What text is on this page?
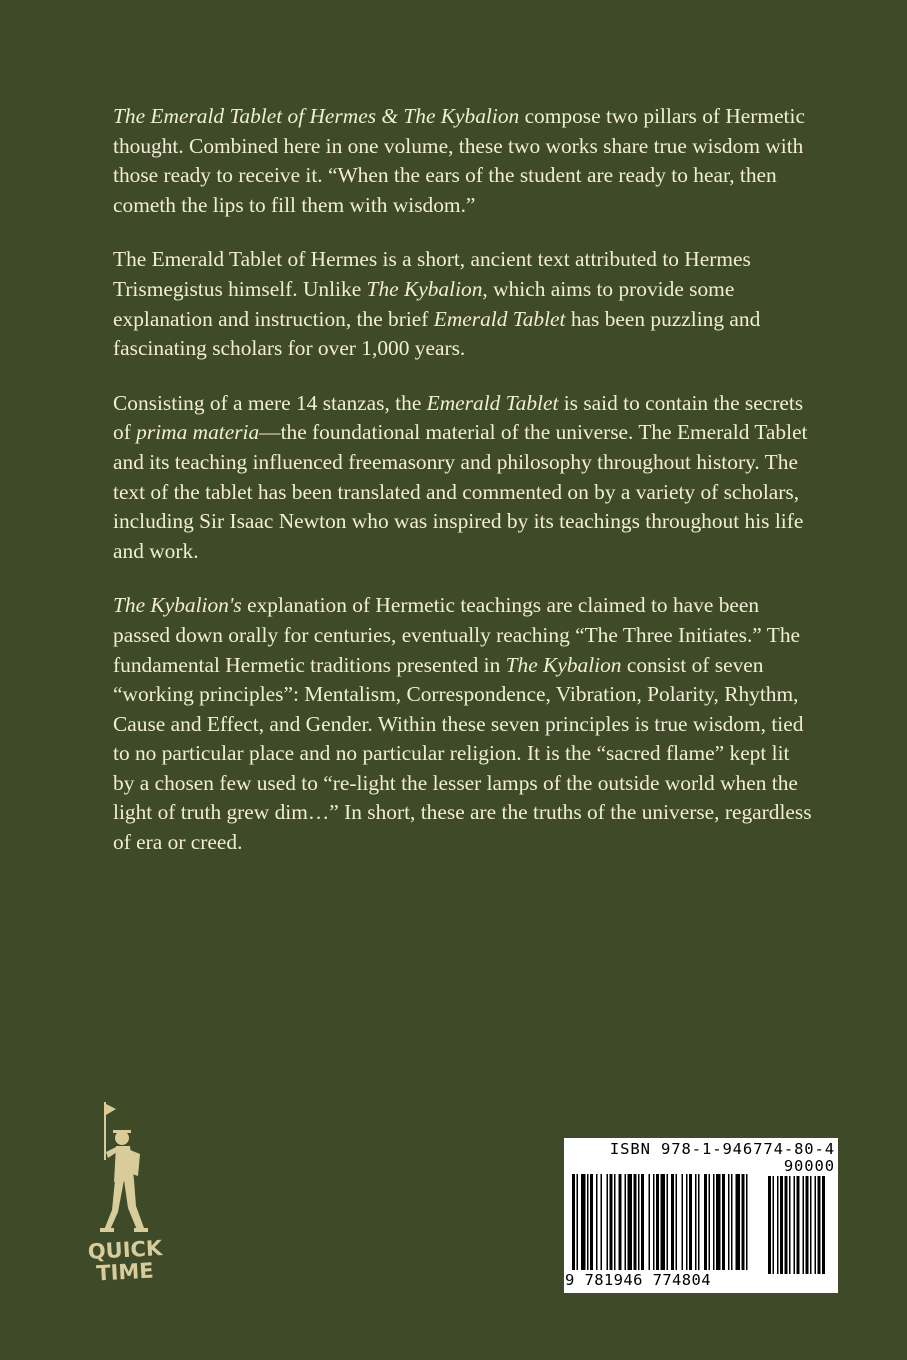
The Emerald Tablet of Hermes & The Kybalion compose two pillars of Hermetic thought. Combined here in one volume, these two works share true wisdom with those ready to receive it. “When the ears of the student are ready to hear, then cometh the lips to fill them with wisdom.”

The Emerald Tablet of Hermes is a short, ancient text attributed to Hermes Trismegistus himself. Unlike The Kybalion, which aims to provide some explanation and instruction, the brief Emerald Tablet has been puzzling and fascinating scholars for over 1,000 years.

Consisting of a mere 14 stanzas, the Emerald Tablet is said to contain the secrets of prima materia—the foundational material of the universe. The Emerald Tablet and its teaching influenced freemasonry and philosophy throughout history. The text of the tablet has been translated and commented on by a variety of scholars, including Sir Isaac Newton who was inspired by its teachings throughout his life and work.

The Kybalion's explanation of Hermetic teachings are claimed to have been passed down orally for centuries, eventually reaching “The Three Initiates.” The fundamental Hermetic traditions presented in The Kybalion consist of seven “working principles”: Mentalism, Correspondence, Vibration, Polarity, Rhythm, Cause and Effect, and Gender. Within these seven principles is true wisdom, tied to no particular place and no particular religion. It is the “sacred flame” kept lit by a chosen few used to “re-light the lesser lamps of the outside world when the light of truth grew dim…” In short, these are the truths of the universe, regardless of era or creed.

QUICK
TIME
ISBN 978-1-946774-80-4
90000
9 781946 774804
